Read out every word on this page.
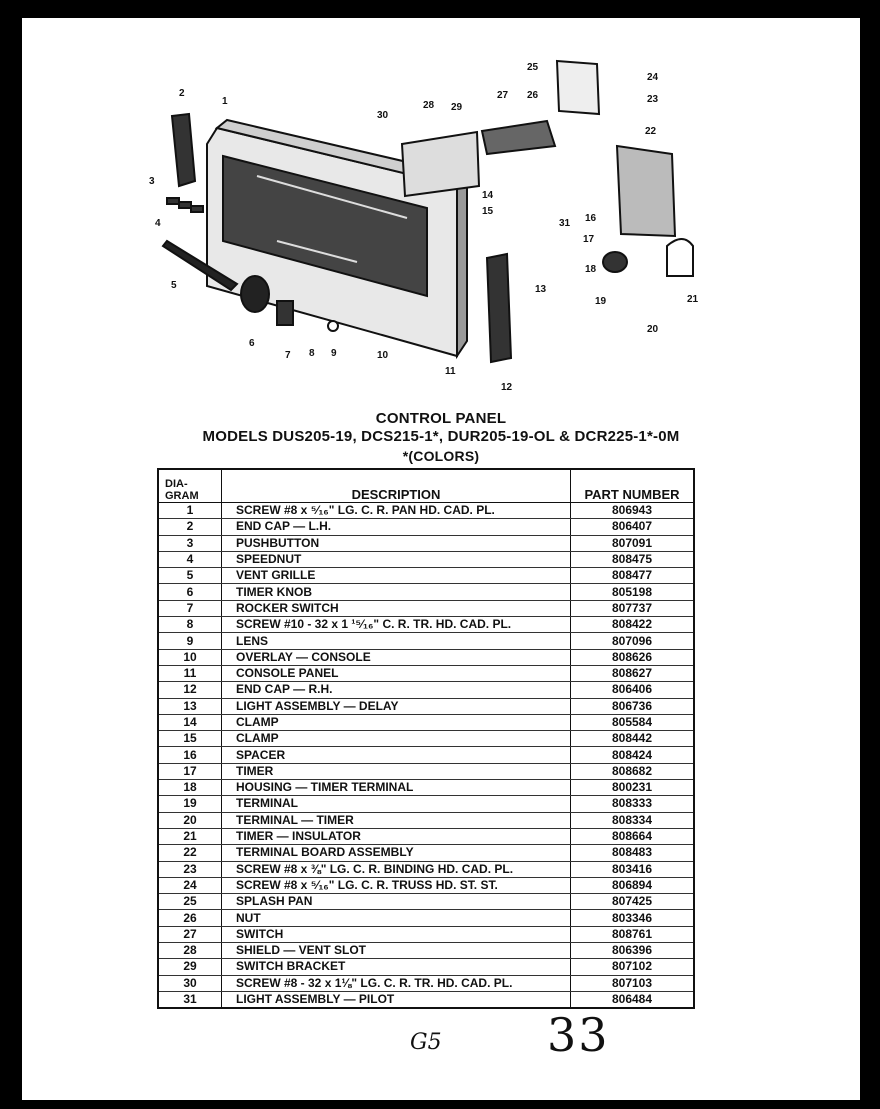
2
1
3
4
5
6
7 8 9	10
11
12
13
14
15
16
17
18
19
20
21
22
23
24
25
26
27
28 29
30
31
CONTROL PANEL
MODELS DUS205-19, DCS215-1*, DUR205-19-OL & DCR225-1*-0M
*(COLORS)
DIA-
GRAM	DESCRIPTION	PART NUMBER
1	SCREW #8 x ⁵⁄₁₆" LG. C. R. PAN HD. CAD. PL.	806943
2	END CAP — L.H.	806407
3	PUSHBUTTON	807091
4	SPEEDNUT	808475
5	VENT GRILLE	808477
6	TIMER KNOB	805198
7	ROCKER SWITCH	807737
8	SCREW #10 - 32 x 1 ¹⁵⁄₁₆" C. R. TR. HD. CAD. PL.	808422
9	LENS	807096
10	OVERLAY — CONSOLE	808626
11	CONSOLE PANEL	808627
12	END CAP — R.H.	806406
13	LIGHT ASSEMBLY — DELAY	806736
14	CLAMP	805584
15	CLAMP	808442
16	SPACER	808424
17	TIMER	808682
18	HOUSING — TIMER TERMINAL	800231
19	TERMINAL	808333
20	TERMINAL — TIMER	808334
21	TIMER — INSULATOR	808664
22	TERMINAL BOARD ASSEMBLY	808483
23	SCREW #8 x ⅜" LG. C. R. BINDING HD. CAD. PL.	803416
24	SCREW #8 x ⁵⁄₁₆" LG. C. R. TRUSS HD. ST. ST.	806894
25	SPLASH PAN	807425
26	NUT	803346
27	SWITCH	808761
28	SHIELD — VENT SLOT	806396
29	SWITCH BRACKET	807102
30	SCREW #8 - 32 x 1⅛" LG. C. R. TR. HD. CAD. PL.	807103
31	LIGHT ASSEMBLY — PILOT	806484
G5 33
